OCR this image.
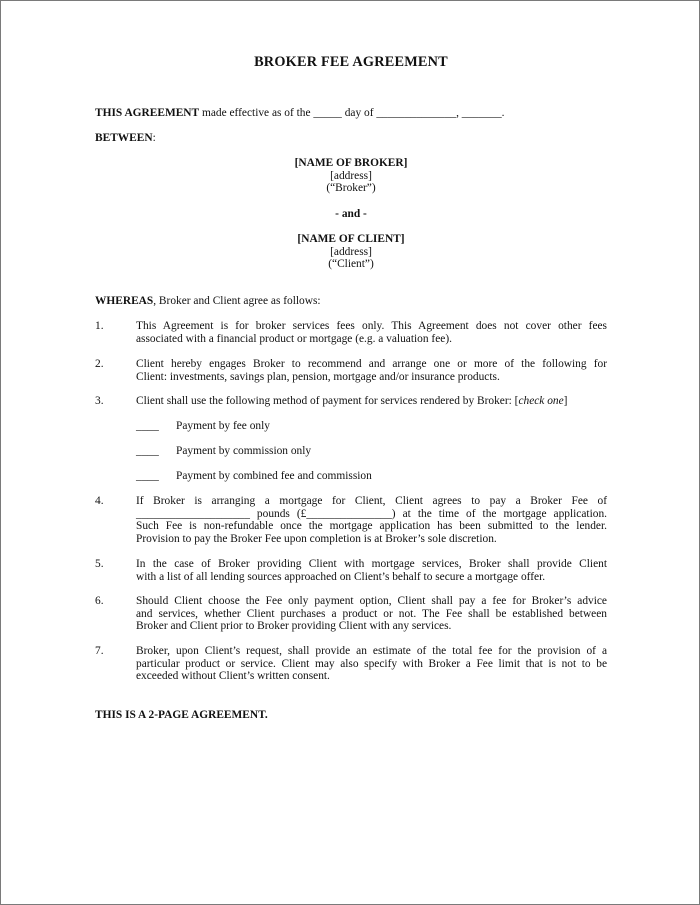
BROKER FEE AGREEMENT
THIS AGREEMENT made effective as of the _____ day of ______________, _______.
BETWEEN:
[NAME OF BROKER]
[address]
(“Broker”)
- and -
[NAME OF CLIENT]
[address]
(“Client”)
WHEREAS, Broker and Client agree as follows:
1.	This Agreement is for broker services fees only. This Agreement does not cover other fees
associated with a financial product or mortgage (e.g. a valuation fee).
2.	Client hereby engages Broker to recommend and arrange one or more of the following for
Client: investments, savings plan, pension, mortgage and/or insurance products.
3.	Client shall use the following method of payment for services rendered by Broker: [check one]
____ Payment by fee only
____ Payment by commission only
____ Payment by combined fee and commission
4.	If Broker is arranging a mortgage for Client, Client agrees to pay a Broker Fee of
____________________ pounds (£_______________) at the time of the mortgage application.
Such Fee is non-refundable once the mortgage application has been submitted to the lender.
Provision to pay the Broker Fee upon completion is at Broker’s sole discretion.
5.	In the case of Broker providing Client with mortgage services, Broker shall provide Client
with a list of all lending sources approached on Client’s behalf to secure a mortgage offer.
6.	Should Client choose the Fee only payment option, Client shall pay a fee for Broker’s advice
and services, whether Client purchases a product or not. The Fee shall be established between
Broker and Client prior to Broker providing Client with any services.
7.	Broker, upon Client’s request, shall provide an estimate of the total fee for the provision of a
particular product or service. Client may also specify with Broker a Fee limit that is not to be
exceeded without Client’s written consent.
THIS IS A 2-PAGE AGREEMENT.
